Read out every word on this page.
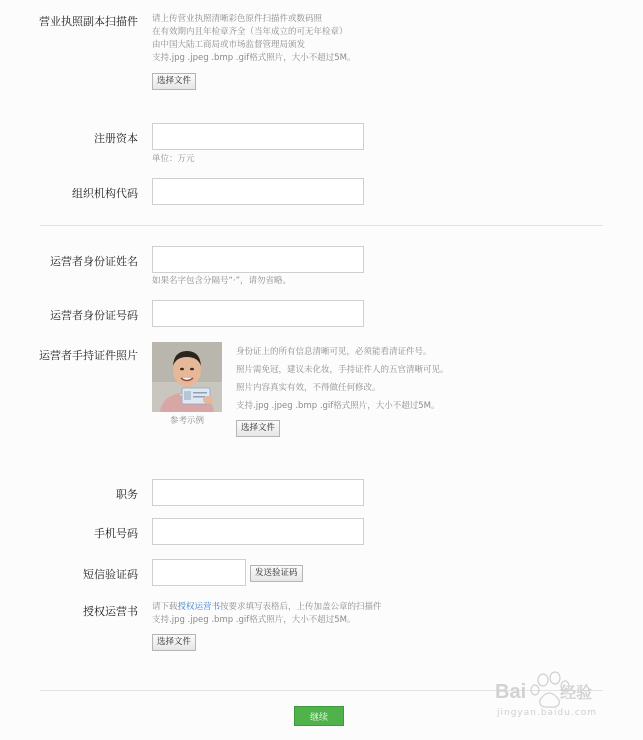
营业执照副本扫描件 请上传营业执照清晰彩色原件扫描件或数码照
在有效期内且年检章齐全（当年成立的可无年检章）
由中国大陆工商局或市场监督管理局颁发
支持.jpg .jpeg .bmp .gif格式照片，大小不超过5M。
选择文件
注册资本
单位：万元
组织机构代码
运营者身份证姓名
如果名字包含分隔号“·”，请勿省略。
运营者身份证号码
运营者手持证件照片
参考示例
身份证上的所有信息清晰可见，必须能看清证件号。
照片需免冠，建议未化妆，手持证件人的五官清晰可见。
照片内容真实有效，不得做任何修改。
支持.jpg .jpeg .bmp .gif格式照片，大小不超过5M。
选择文件
职务
手机号码
短信验证码	发送验证码
授权运营书 请下载授权运营书按要求填写表格后，上传加盖公章的扫描件
支持.jpg .jpeg .bmp .gif格式照片，大小不超过5M。
选择文件
继续
Bai 经验
jingyan.baidu.com
